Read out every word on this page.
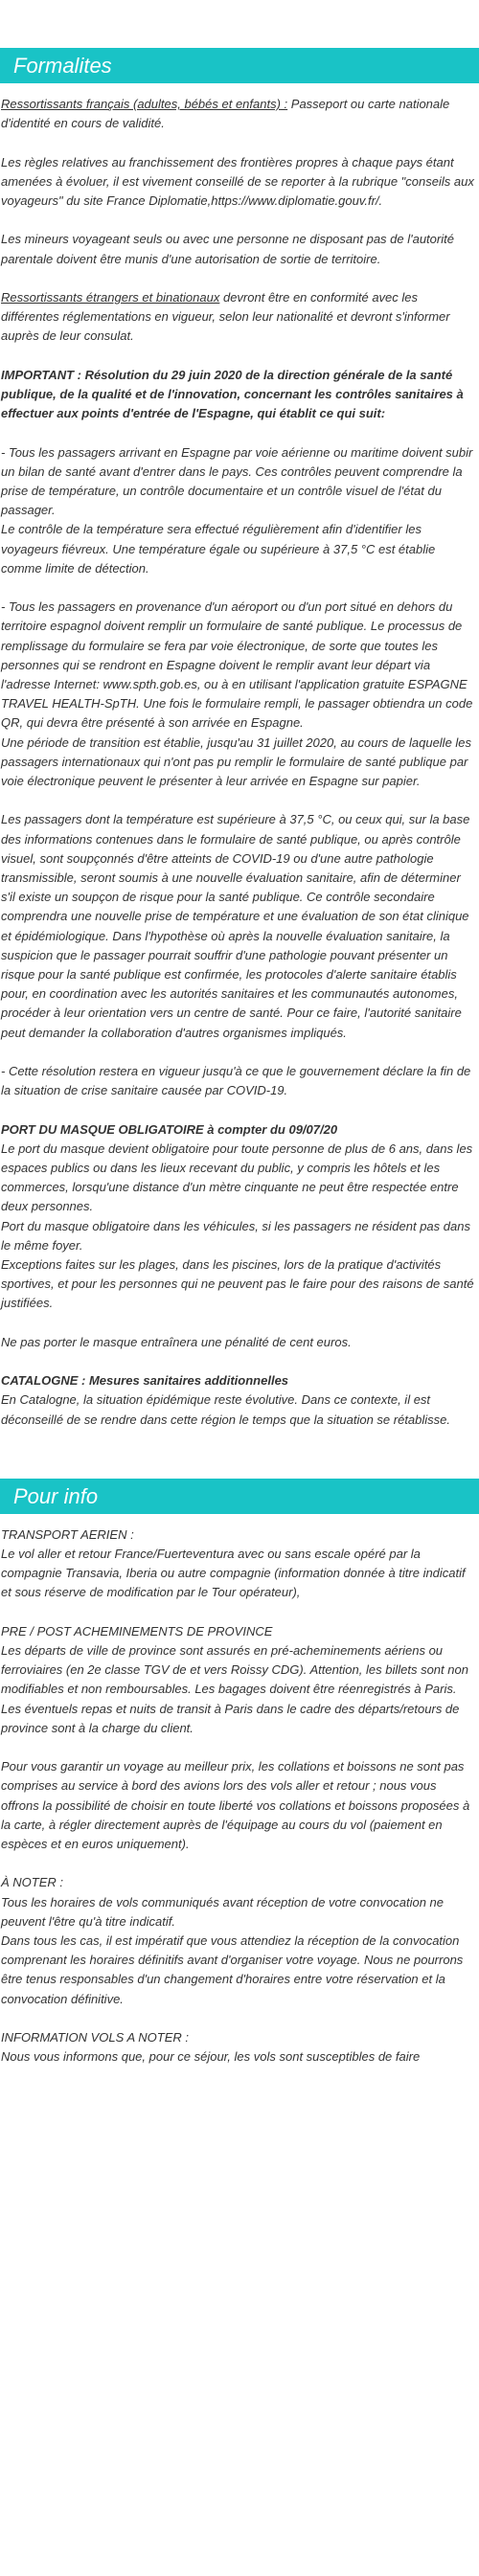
Formalites

Ressortissants français (adultes, bébés et enfants) : Passeport ou carte nationale d'identité en cours de validité.

Les règles relatives au franchissement des frontières propres à chaque pays étant amenées à évoluer, il est vivement conseillé de se reporter à la rubrique "conseils aux voyageurs" du site France Diplomatie,https://www.diplomatie.gouv.fr/.

Les mineurs voyageant seuls ou avec une personne ne disposant pas de l'autorité parentale doivent être munis d'une autorisation de sortie de territoire.

Ressortissants étrangers et binationaux devront être en conformité avec les différentes réglementations en vigueur, selon leur nationalité et devront s'informer auprès de leur consulat.

IMPORTANT : Résolution du 29 juin 2020 de la direction générale de la santé publique, de la qualité et de l'innovation, concernant les contrôles sanitaires à effectuer aux points d'entrée de l'Espagne, qui établit ce qui suit:

- Tous les passagers arrivant en Espagne par voie aérienne ou maritime doivent subir un bilan de santé avant d'entrer dans le pays. Ces contrôles peuvent comprendre la prise de température, un contrôle documentaire et un contrôle visuel de l'état du passager.
Le contrôle de la température sera effectué régulièrement afin d'identifier les voyageurs fiévreux. Une température égale ou supérieure à 37,5 °C est établie comme limite de détection.

- Tous les passagers en provenance d'un aéroport ou d'un port situé en dehors du territoire espagnol doivent remplir un formulaire de santé publique. Le processus de remplissage du formulaire se fera par voie électronique, de sorte que toutes les personnes qui se rendront en Espagne doivent le remplir avant leur départ via l'adresse Internet: www.spth.gob.es, ou à en utilisant l'application gratuite ESPAGNE TRAVEL HEALTH-SpTH. Une fois le formulaire rempli, le passager obtiendra un code QR, qui devra être présenté à son arrivée en Espagne.
Une période de transition est établie, jusqu'au 31 juillet 2020, au cours de laquelle les passagers internationaux qui n'ont pas pu remplir le formulaire de santé publique par voie électronique peuvent le présenter à leur arrivée en Espagne sur papier.

Les passagers dont la température est supérieure à 37,5 °C, ou ceux qui, sur la base des informations contenues dans le formulaire de santé publique, ou après contrôle visuel, sont soupçonnés d'être atteints de COVID-19 ou d'une autre pathologie transmissible, seront soumis à une nouvelle évaluation sanitaire, afin de déterminer s'il existe un soupçon de risque pour la santé publique. Ce contrôle secondaire comprendra une nouvelle prise de température et une évaluation de son état clinique et épidémiologique. Dans l'hypothèse où après la nouvelle évaluation sanitaire, la suspicion que le passager pourrait souffrir d'une pathologie pouvant présenter un risque pour la santé publique est confirmée, les protocoles d'alerte sanitaire établis pour, en coordination avec les autorités sanitaires et les communautés autonomes, procéder à leur orientation vers un centre de santé. Pour ce faire, l'autorité sanitaire peut demander la collaboration d'autres organismes impliqués.

- Cette résolution restera en vigueur jusqu'à ce que le gouvernement déclare la fin de la situation de crise sanitaire causée par COVID-19.

PORT DU MASQUE OBLIGATOIRE à compter du 09/07/20
Le port du masque devient obligatoire pour toute personne de plus de 6 ans, dans les espaces publics ou dans les lieux recevant du public, y compris les hôtels et les commerces, lorsqu'une distance d'un mètre cinquante ne peut être respectée entre deux personnes.
Port du masque obligatoire dans les véhicules, si les passagers ne résident pas dans le même foyer.
Exceptions faites sur les plages, dans les piscines, lors de la pratique d'activités sportives, et pour les personnes qui ne peuvent pas le faire pour des raisons de santé justifiées.

Ne pas porter le masque entraînera une pénalité de cent euros.

CATALOGNE : Mesures sanitaires additionnelles
En Catalogne, la situation épidémique reste évolutive. Dans ce contexte, il est déconseillé de se rendre dans cette région le temps que la situation se rétablisse.

Pour info

TRANSPORT AERIEN :
Le vol aller et retour France/Fuerteventura avec ou sans escale opéré par la compagnie Transavia, Iberia ou autre compagnie (information donnée à titre indicatif et sous réserve de modification par le Tour opérateur),

PRE / POST ACHEMINEMENTS DE PROVINCE
Les départs de ville de province sont assurés en pré-acheminements aériens ou ferroviaires (en 2e classe TGV de et vers Roissy CDG). Attention, les billets sont non modifiables et non remboursables. Les bagages doivent être réenregistrés à Paris. Les éventuels repas et nuits de transit à Paris dans le cadre des départs/retours de province sont à la charge du client.

Pour vous garantir un voyage au meilleur prix, les collations et boissons ne sont pas comprises au service à bord des avions lors des vols aller et retour ; nous vous offrons la possibilité de choisir en toute liberté vos collations et boissons proposées à la carte, à régler directement auprès de l'équipage au cours du vol (paiement en espèces et en euros uniquement).

À NOTER :
Tous les horaires de vols communiqués avant réception de votre convocation ne peuvent l'être qu'à titre indicatif.
Dans tous les cas, il est impératif que vous attendiez la réception de la convocation comprenant les horaires définitifs avant d'organiser votre voyage. Nous ne pourrons être tenus responsables d'un changement d'horaires entre votre réservation et la convocation définitive.

INFORMATION VOLS A NOTER :
Nous vous informons que, pour ce séjour, les vols sont susceptibles de faire
